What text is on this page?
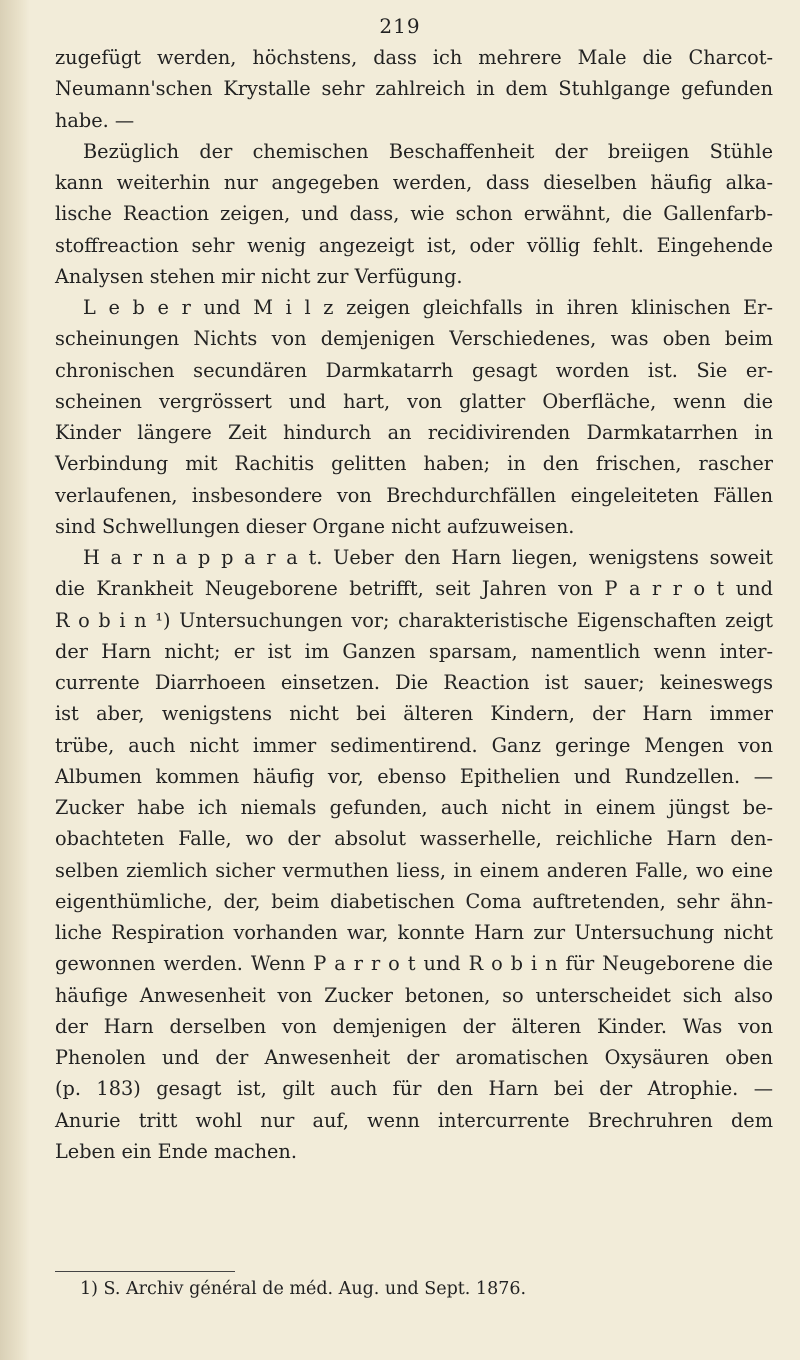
219
zugefügt werden, höchstens, dass ich mehrere Male die Charcot-
Neumann'schen Krystalle sehr zahlreich in dem Stuhlgange gefunden
habe. —
Bezüglich der chemischen Beschaffenheit der breiigen Stühle
kann weiterhin nur angegeben werden, dass dieselben häufig alka-
lische Reaction zeigen, und dass, wie schon erwähnt, die Gallenfarb-
stoffreaction sehr wenig angezeigt ist, oder völlig fehlt. Eingehende
Analysen stehen mir nicht zur Verfügung.
L e b e r und M i l z zeigen gleichfalls in ihren klinischen Er-
scheinungen Nichts von demjenigen Verschiedenes, was oben beim
chronischen secundären Darmkatarrh gesagt worden ist. Sie er-
scheinen vergrössert und hart, von glatter Oberfläche, wenn die
Kinder längere Zeit hindurch an recidivirenden Darmkatarrhen in
Verbindung mit Rachitis gelitten haben; in den frischen, rascher
verlaufenen, insbesondere von Brechdurchfällen eingeleiteten Fällen
sind Schwellungen dieser Organe nicht aufzuweisen.
H a r n a p p a r a t. Ueber den Harn liegen, wenigstens soweit
die Krankheit Neugeborene betrifft, seit Jahren von P a r r o t und
R o b i n ¹) Untersuchungen vor; charakteristische Eigenschaften zeigt
der Harn nicht; er ist im Ganzen sparsam, namentlich wenn inter-
currente Diarrhoeen einsetzen. Die Reaction ist sauer; keineswegs
ist aber, wenigstens nicht bei älteren Kindern, der Harn immer
trübe, auch nicht immer sedimentirend. Ganz geringe Mengen von
Albumen kommen häufig vor, ebenso Epithelien und Rundzellen. —
Zucker habe ich niemals gefunden, auch nicht in einem jüngst be-
obachteten Falle, wo der absolut wasserhelle, reichliche Harn den-
selben ziemlich sicher vermuthen liess, in einem anderen Falle, wo eine
eigenthümliche, der, beim diabetischen Coma auftretenden, sehr ähn-
liche Respiration vorhanden war, konnte Harn zur Untersuchung nicht
gewonnen werden. Wenn P a r r o t und R o b i n für Neugeborene die
häufige Anwesenheit von Zucker betonen, so unterscheidet sich also
der Harn derselben von demjenigen der älteren Kinder. Was von
Phenolen und der Anwesenheit der aromatischen Oxysäuren oben
(p. 183) gesagt ist, gilt auch für den Harn bei der Atrophie. —
Anurie tritt wohl nur auf, wenn intercurrente Brechruhren dem
Leben ein Ende machen.
1) S. Archiv général de méd. Aug. und Sept. 1876.
